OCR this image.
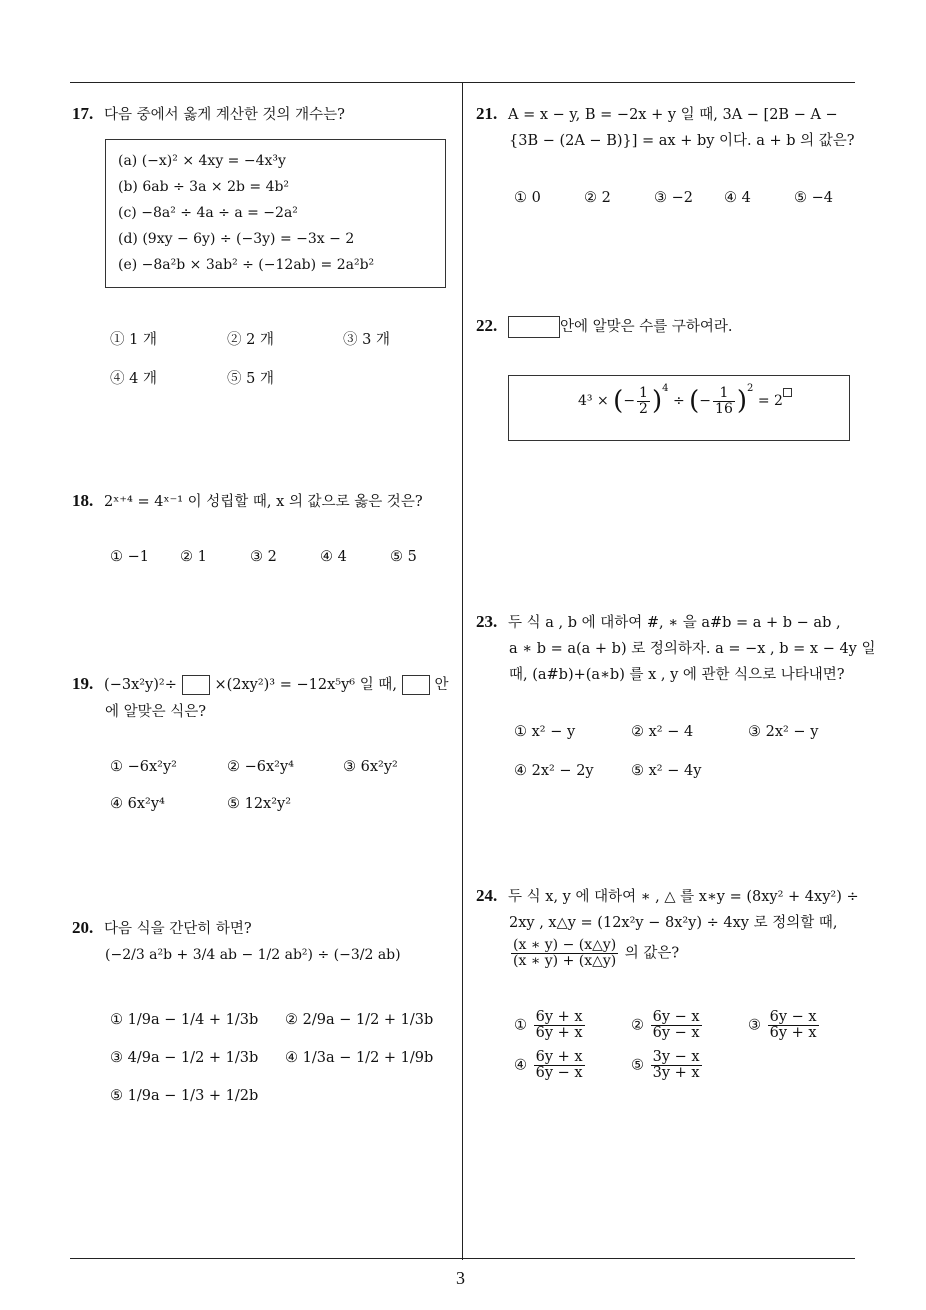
3
17. 다음 중에서 옳게 계산한 것의 개수는?
(a) (−x)² × 4xy = −4x³y
(b) 6ab ÷ 3a × 2b = 4b²
(c) −8a² ÷ 4a ÷ a = −2a²
(d) (9xy − 6y) ÷ (−3y) = −3x − 2
(e) −8a²b × 3ab² ÷ (−12ab) = 2a²b²
① 1 개	② 2 개	③ 3 개
④ 4 개	⑤ 5 개
18. 2ˣ⁺⁴ = 4ˣ⁻¹ 이 성립할 때, x 의 값으로 옳은 것은?
① −1 ② 1	③ 2	④ 4	⑤ 5
19. (−3x²y)²÷	×(2xy²)³ = −12x⁵y⁶ 일 때,	안
에 알맞은 식은?
① −6x²y²	② −6x²y⁴	③ 6x²y²
④ 6x²y⁴	⑤ 12x²y²
20. 다음 식을 간단히 하면?
(−2/3 a²b + 3/4 ab − 1/2 ab²) ÷ (−3/2 ab)
① 1/9a − 1/4 + 1/3b ② 2/9a − 1/2 + 1/3b
③ 4/9a − 1/2 + 1/3b ④ 1/3a − 1/2 + 1/9b
⑤ 1/9a − 1/3 + 1/2b
21. A = x − y, B = −2x + y 일 때, 3A − [2B − A −
{3B − (2A − B)}] = ax + by 이다. a + b 의 값은?
① 0	② 2	③ −2 ④ 4	⑤ −4
22.	안에 알맞은 수를 구하여라.
4³ × (− $\frac{1}{2} )^4$ ÷ (− $\frac{1}{16} )^2 = 2$
23. 두 식 a , b 에 대하여 #, ∗ 을 a#b = a + b − ab ,
a ∗ b = a(a + b) 로 정의하자. a = −x , b = x − 4y 일
때, (a#b)+(a∗b) 를 x , y 에 관한 식으로 나타내면?
① x² − y	② x² − 4	③ 2x² − y
④ 2x² − 2y	⑤ x² − 4y
24. 두 식 x, y 에 대하여 ∗ , △ 를 x∗y = (8xy² + 4xy²) ÷
2xy , x△y = (12x²y − 8x²y) ÷ 4xy 로 정의할 때,
$\frac{(x ∗ y) - (x\triangle y)}{(x ∗ y) + (x\triangle y)}$ 의 값은?
① $\frac{6y + x}{6y + x}$	② $\frac{6y - x}{6y - x}$	③ $\frac{6y - x}{6y + x}$
④ $\frac{6y + x}{6y - x}$	⑤ $\frac{3y - x}{3y + x}$
